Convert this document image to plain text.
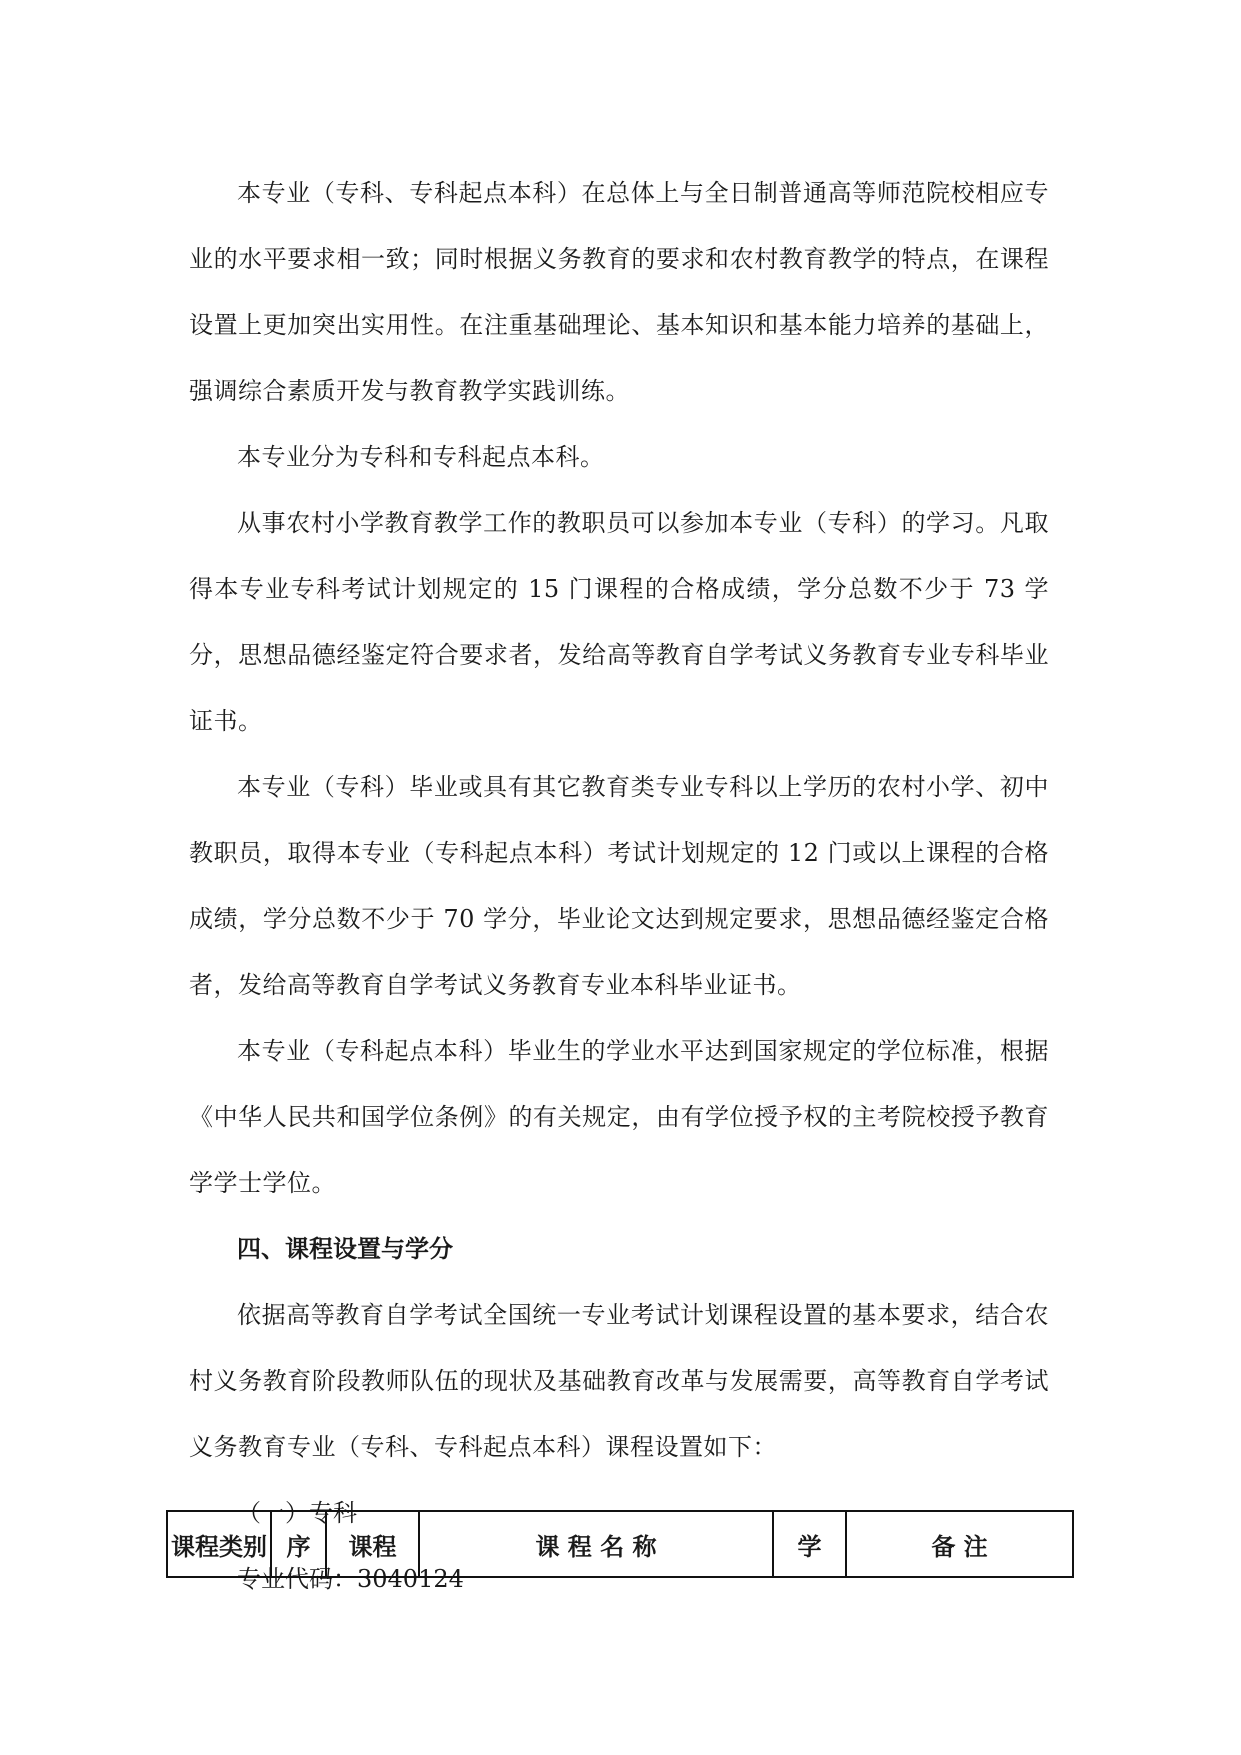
本专业（专科、专科起点本科）在总体上与全日制普通高等师范院校相应专业的水平要求相一致；同时根据义务教育的要求和农村教育教学的特点，在课程设置上更加突出实用性。在注重基础理论、基本知识和基本能力培养的基础上，强调综合素质开发与教育教学实践训练。

本专业分为专科和专科起点本科。

从事农村小学教育教学工作的教职员可以参加本专业（专科）的学习。凡取得本专业专科考试计划规定的 15 门课程的合格成绩，学分总数不少于 73 学分，思想品德经鉴定符合要求者，发给高等教育自学考试义务教育专业专科毕业证书。

本专业（专科）毕业或具有其它教育类专业专科以上学历的农村小学、初中教职员，取得本专业（专科起点本科）考试计划规定的 12 门或以上课程的合格成绩，学分总数不少于 70 学分，毕业论文达到规定要求，思想品德经鉴定合格者，发给高等教育自学考试义务教育专业本科毕业证书。

本专业（专科起点本科）毕业生的学业水平达到国家规定的学位标准，根据《中华人民共和国学位条例》的有关规定，由有学位授予权的主考院校授予教育学学士学位。

四、课程设置与学分

依据高等教育自学考试全国统一专业考试计划课程设置的基本要求，结合农村义务教育阶段教师队伍的现状及基础教育改革与发展需要，高等教育自学考试义务教育专业（专科、专科起点本科）课程设置如下：

（一）专科

专业代码：3040124

课程类别	序	课程	课 程 名 称	学	备 注
